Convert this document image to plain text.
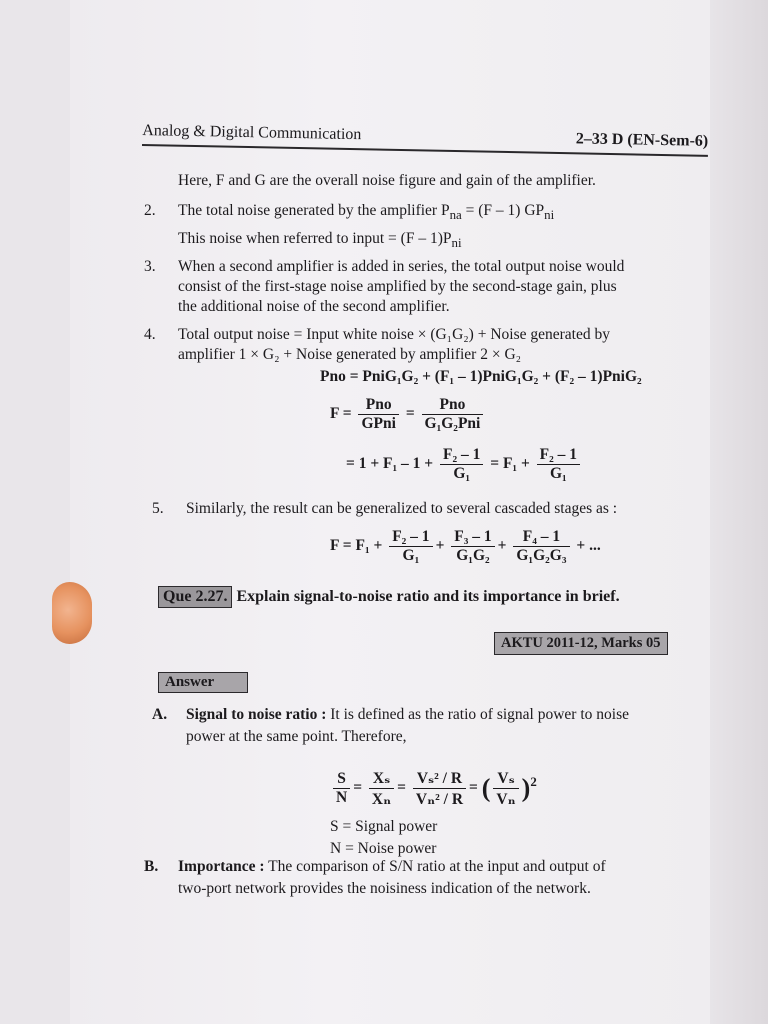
Analog & Digital Communication	2–33 D (EN-Sem-6)
Here, F and G are the overall noise figure and gain of the amplifier.
2. The total noise generated by the amplifier $P_{na} = (F - 1)$ $GP_{ni}$
This noise when referred to input = $(F - 1)P_{ni}$
3. When a second amplifier is added in series, the total output noise would
consist of the first-stage noise amplified by the second-stage gain, plus
the additional noise of the second amplifier.
4. Total output noise = Input white noise × (G₁G₂) + Noise generated by
amplifier 1 × G₂ + Noise generated by amplifier 2 × G₂
Pno = PniG₁G₂ + (F₁ – 1)PniG₁G₂ + (F₂ – 1)PniG₂
$F = \frac{\text{Pno}}{\text{GPni}} = \frac{\text{Pno}}{\text{G₁G₂Pni}}$
= $1 + F_1 - 1 + \frac{\text{F₂ – 1}}{\text{G₁}} = F_1 + \frac{\text{F₂ – 1}}{\text{G₁}}$
5. Similarly, the result can be generalized to several cascaded stages as :
$F = F_1 + \frac{\text{F₂ – 1}}{\text{G₁}} + \frac{\text{F₃ – 1}}{\text{G₁G₂}} + \frac{\text{F₄ – 1}}{\text{G₁G₂G₃}}$ + ...
Que 2.27. Explain signal-to-noise ratio and its importance in brief.
AKTU 2011-12, Marks 05
Answer
A. Signal to noise ratio : It is defined as the ratio of signal power to noise
power at the same point. Therefore,
$\frac{S}{N} = \frac{\text{Xₛ}}{\text{Xₙ}} = \frac{\text{Vₛ² / R}}{\text{Vₙ² / R}}$ = ( $\frac{\text{Vₛ}}{\text{Vₙ}} )^2$
S = Signal power
N = Noise power
B. Importance : The comparison of S/N ratio at the input and output of
two-port network provides the noisiness indication of the network.
